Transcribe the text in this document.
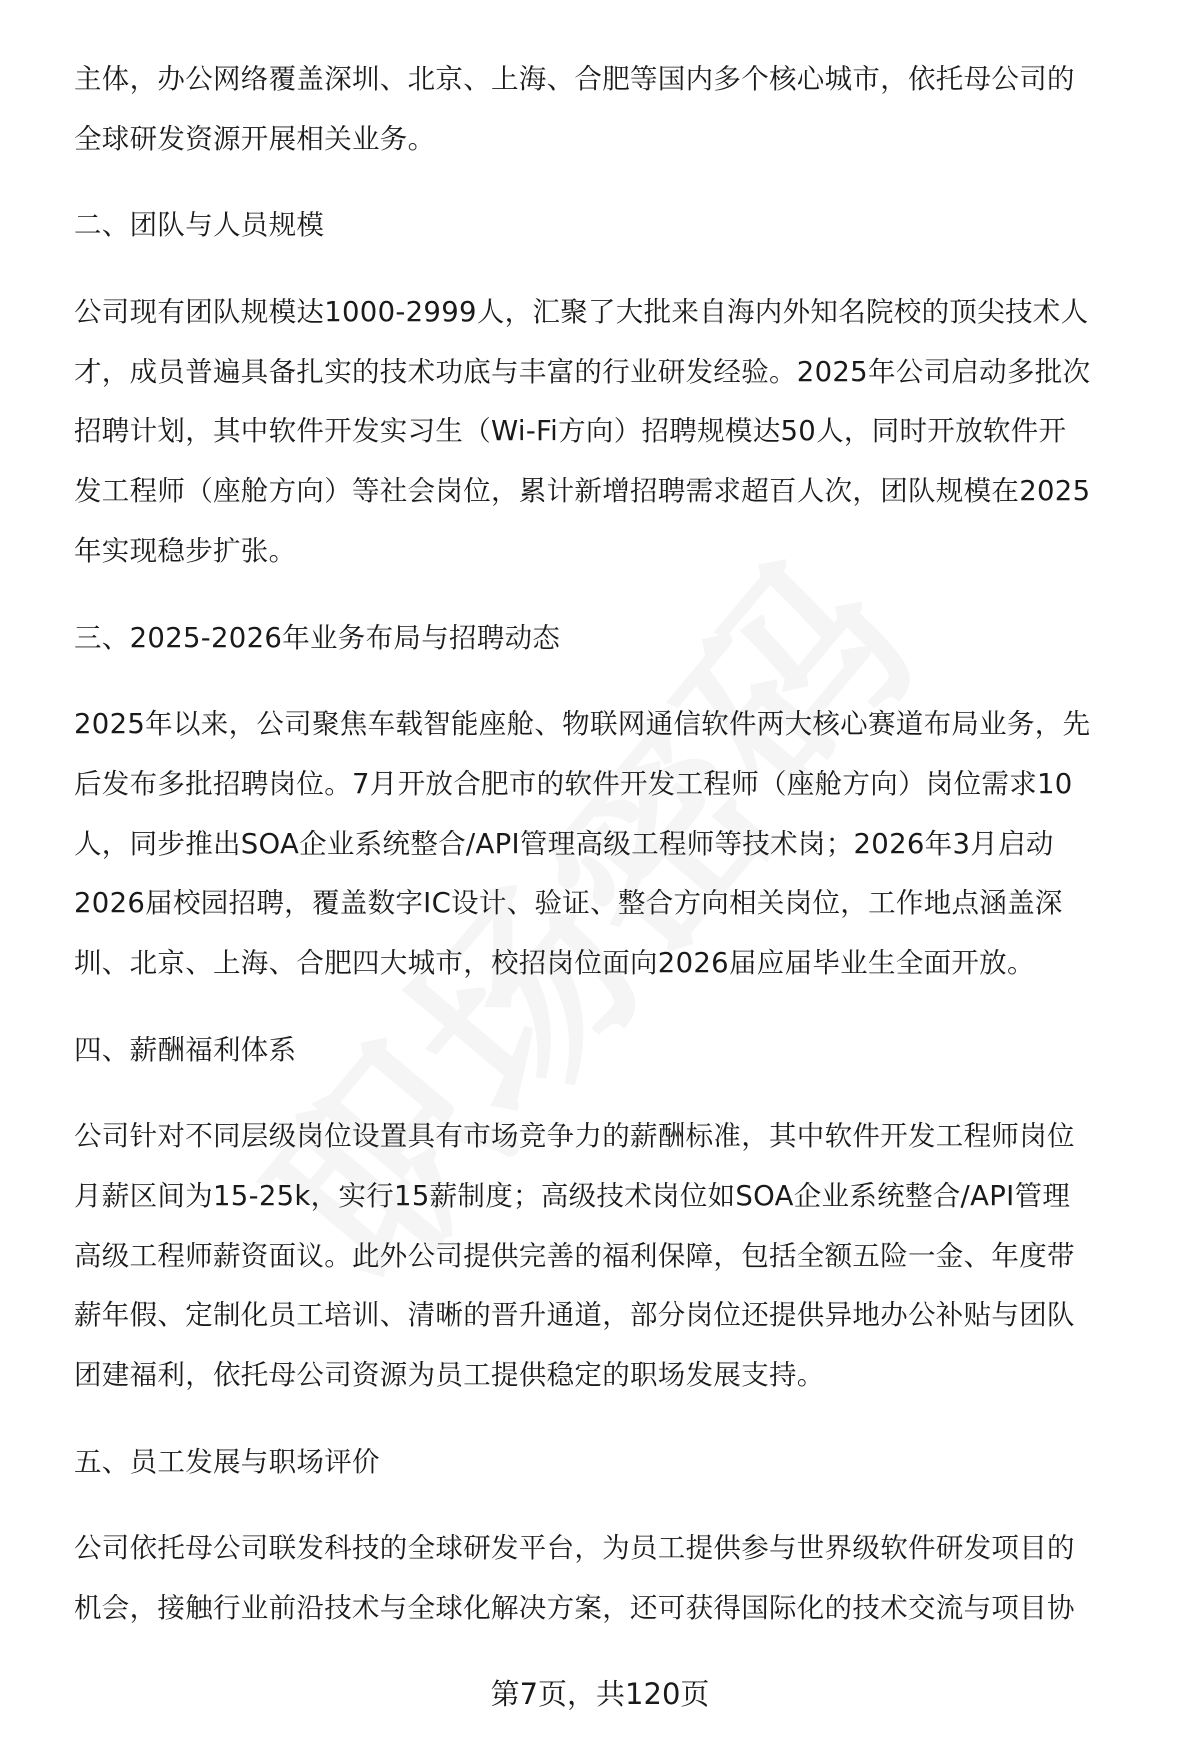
主体，办公网络覆盖深圳、北京、上海、合肥等国内多个核心城市，依托母公司的
全球研发资源开展相关业务。
二、团队与人员规模
公司现有团队规模达1000-2999人，汇聚了大批来自海内外知名院校的顶尖技术人
才，成员普遍具备扎实的技术功底与丰富的行业研发经验。2025年公司启动多批次
招聘计划，其中软件开发实习生（Wi-Fi方向）招聘规模达50人，同时开放软件开
发工程师（座舱方向）等社会岗位，累计新增招聘需求超百人次，团队规模在2025
年实现稳步扩张。
三、2025-2026年业务布局与招聘动态
2025年以来，公司聚焦车载智能座舱、物联网通信软件两大核心赛道布局业务，先
后发布多批招聘岗位。7月开放合肥市的软件开发工程师（座舱方向）岗位需求10
人，同步推出SOA企业系统整合/API管理高级工程师等技术岗；2026年3月启动
2026届校园招聘，覆盖数字IC设计、验证、整合方向相关岗位，工作地点涵盖深
圳、北京、上海、合肥四大城市，校招岗位面向2026届应届毕业生全面开放。
四、薪酬福利体系
公司针对不同层级岗位设置具有市场竞争力的薪酬标准，其中软件开发工程师岗位
月薪区间为15-25k，实行15薪制度；高级技术岗位如SOA企业系统整合/API管理
高级工程师薪资面议。此外公司提供完善的福利保障，包括全额五险一金、年度带
薪年假、定制化员工培训、清晰的晋升通道，部分岗位还提供异地办公补贴与团队
团建福利，依托母公司资源为员工提供稳定的职场发展支持。
五、员工发展与职场评价
公司依托母公司联发科技的全球研发平台，为员工提供参与世界级软件研发项目的
机会，接触行业前沿技术与全球化解决方案，还可获得国际化的技术交流与项目协
第7页，共120页
